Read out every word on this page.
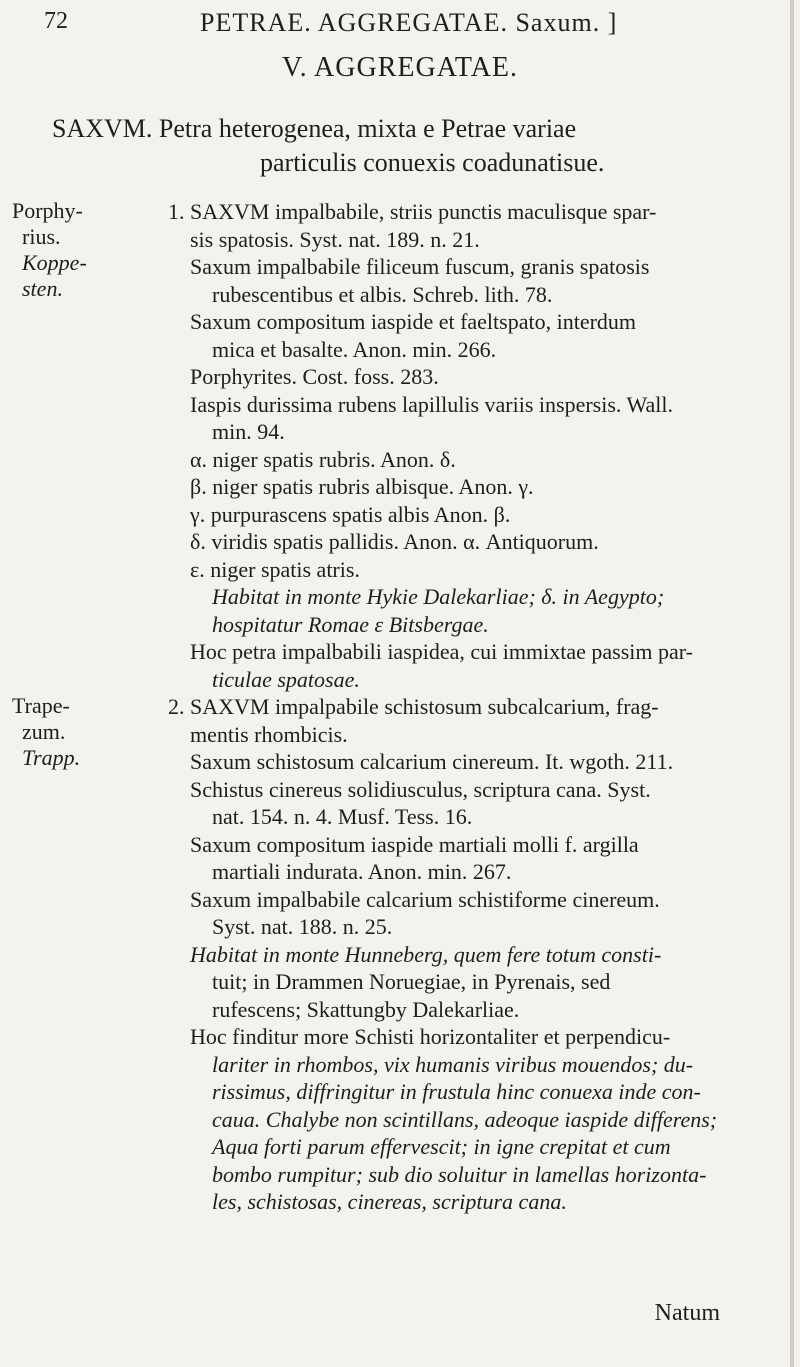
72	PETRAE. AGGREGATAE. Saxum. ]
V. AGGREGATAE.
SAXVM. Petra heterogenea, mixta e Petrae variae
particulis conuexis coadunatisue.
Porphy-
rius.
Koppe-
sten.
Trape-
zum.
Trapp.

1. SAXVM impalbabile, striis punctis maculisque spar-

sis spatosis. Syst. nat. 189. n. 21.

Saxum impalbabile filiceum fuscum, granis spatosis

rubescentibus et albis. Schreb. lith. 78.

Saxum compositum iaspide et faeltspato, interdum

mica et basalte. Anon. min. 266.

Porphyrites. Cost. foss. 283.

Iaspis durissima rubens lapillulis variis inspersis. Wall.

min. 94.

α. niger spatis rubris. Anon. δ.

β. niger spatis rubris albisque. Anon. γ.

γ. purpurascens spatis albis Anon. β.

δ. viridis spatis pallidis. Anon. α. Antiquorum.

ε. niger spatis atris.

Habitat in monte Hykie Dalekarliae; δ. in Aegypto;

hospitatur Romae ε Bitsbergae.

Hoc petra impalbabili iaspidea, cui immixtae passim par-

ticulae spatosae.

2. SAXVM impalpabile schistosum subcalcarium, frag-

mentis rhombicis.

Saxum schistosum calcarium cinereum. It. wgoth. 211.

Schistus cinereus solidiusculus, scriptura cana. Syst.

nat. 154. n. 4. Musf. Tess. 16.

Saxum compositum iaspide martiali molli f. argilla

martiali indurata. Anon. min. 267.

Saxum impalbabile calcarium schistiforme cinereum.

Syst. nat. 188. n. 25.

Habitat in monte Hunneberg, quem fere totum consti-

tuit; in Drammen Noruegiae, in Pyrenais, sed

rufescens; Skattungby Dalekarliae.

Hoc finditur more Schisti horizontaliter et perpendicu-

lariter in rhombos, vix humanis viribus mouendos; du-

rissimus, diffringitur in frustula hinc conuexa inde con-

caua. Chalybe non scintillans, adeoque iaspide differens;

Aqua forti parum effervescit; in igne crepitat et cum

bombo rumpitur; sub dio soluitur in lamellas horizonta-

les, schistosas, cinereas, scriptura cana.

Natum
